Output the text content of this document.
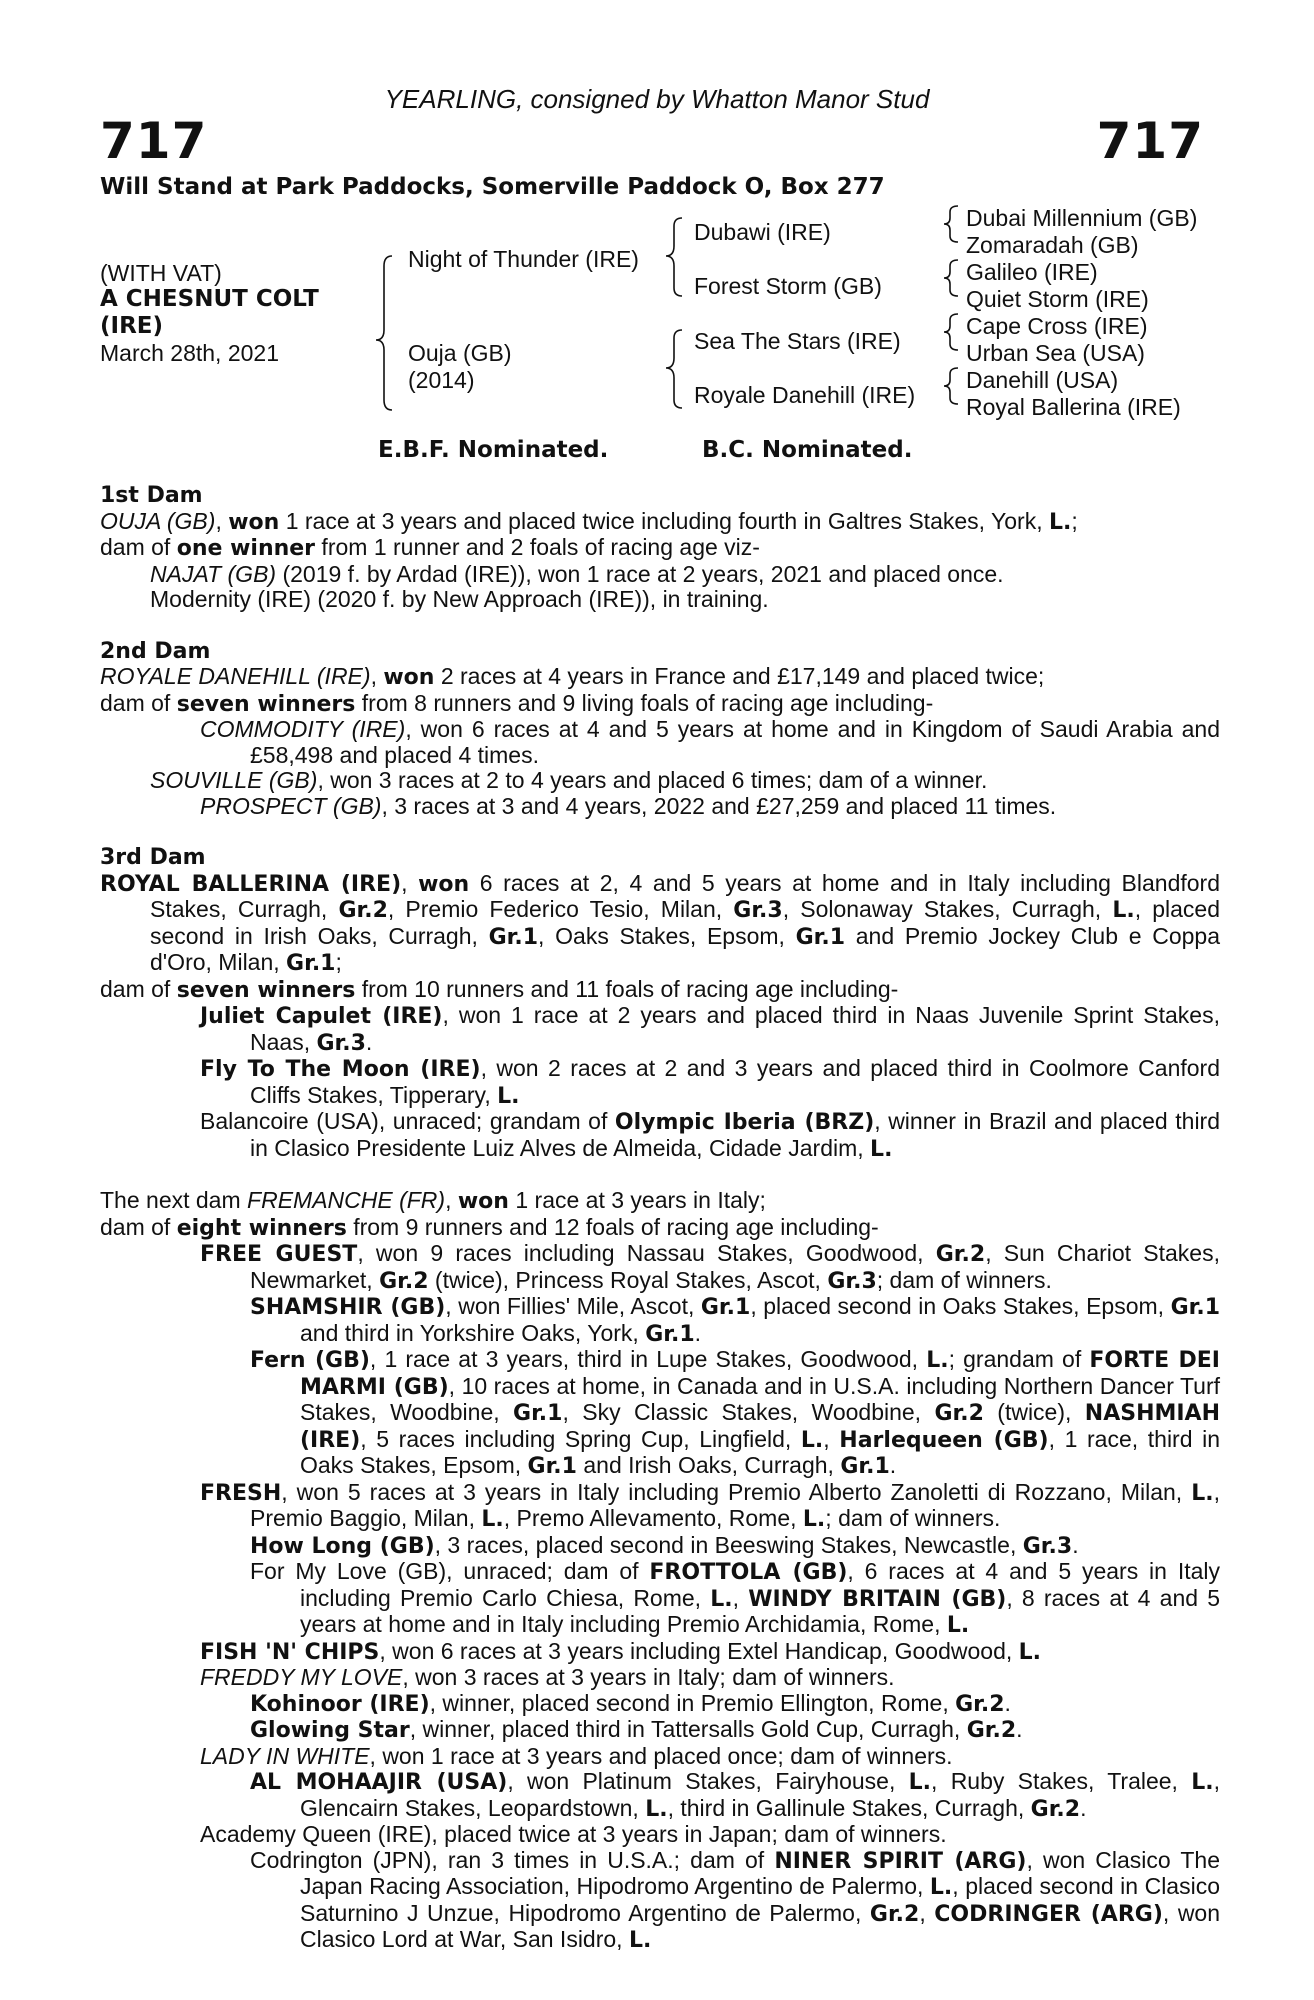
YEARLING, consigned by Whatton Manor Stud
717	717
Will Stand at Park Paddocks, Somerville Paddock O, Box 277
(WITH VAT)
A CHESNUT COLT
(IRE)
March 28th, 2021
Night of Thunder (IRE)
Ouja (GB)
(2014)
Dubawi (IRE)
Forest Storm (GB)
Sea The Stars (IRE)
Royale Danehill (IRE)
Dubai Millennium (GB)
Zomaradah (GB)
Galileo (IRE)
Quiet Storm (IRE)
Cape Cross (IRE)
Urban Sea (USA)
Danehill (USA)
Royal Ballerina (IRE)
E.B.F. Nominated.	B.C. Nominated.

1st Dam

OUJA (GB), won 1 race at 3 years and placed twice including fourth in Galtres Stakes, York, L.;

dam of one winner from 1 runner and 2 foals of racing age viz-

NAJAT (GB) (2019 f. by Ardad (IRE)), won 1 race at 2 years, 2021 and placed once.

Modernity (IRE) (2020 f. by New Approach (IRE)), in training.

2nd Dam

ROYALE DANEHILL (IRE), won 2 races at 4 years in France and £17,149 and placed twice;

dam of seven winners from 8 runners and 9 living foals of racing age including-

COMMODITY (IRE), won 6 races at 4 and 5 years at home and in Kingdom of Saudi Arabia and £58,498 and placed 4 times.

SOUVILLE (GB), won 3 races at 2 to 4 years and placed 6 times; dam of a winner.

PROSPECT (GB), 3 races at 3 and 4 years, 2022 and £27,259 and placed 11 times.

3rd Dam

ROYAL BALLERINA (IRE), won 6 races at 2, 4 and 5 years at home and in Italy including Blandford Stakes, Curragh, Gr.2, Premio Federico Tesio, Milan, Gr.3, Solonaway Stakes, Curragh, L., placed second in Irish Oaks, Curragh, Gr.1, Oaks Stakes, Epsom, Gr.1 and Premio Jockey Club e Coppa d'Oro, Milan, Gr.1;

dam of seven winners from 10 runners and 11 foals of racing age including-

Juliet Capulet (IRE), won 1 race at 2 years and placed third in Naas Juvenile Sprint Stakes, Naas, Gr.3.

Fly To The Moon (IRE), won 2 races at 2 and 3 years and placed third in Coolmore Canford Cliffs Stakes, Tipperary, L.

Balancoire (USA), unraced; grandam of Olympic Iberia (BRZ), winner in Brazil and placed third in Clasico Presidente Luiz Alves de Almeida, Cidade Jardim, L.

The next dam FREMANCHE (FR), won 1 race at 3 years in Italy;

dam of eight winners from 9 runners and 12 foals of racing age including-

FREE GUEST, won 9 races including Nassau Stakes, Goodwood, Gr.2, Sun Chariot Stakes, Newmarket, Gr.2 (twice), Princess Royal Stakes, Ascot, Gr.3; dam of winners.

SHAMSHIR (GB), won Fillies' Mile, Ascot, Gr.1, placed second in Oaks Stakes, Epsom, Gr.1 and third in Yorkshire Oaks, York, Gr.1.

Fern (GB), 1 race at 3 years, third in Lupe Stakes, Goodwood, L.; grandam of FORTE DEI MARMI (GB), 10 races at home, in Canada and in U.S.A. including Northern Dancer Turf Stakes, Woodbine, Gr.1, Sky Classic Stakes, Woodbine, Gr.2 (twice), NASHMIAH (IRE), 5 races including Spring Cup, Lingfield, L., Harlequeen (GB), 1 race, third in Oaks Stakes, Epsom, Gr.1 and Irish Oaks, Curragh, Gr.1.

FRESH, won 5 races at 3 years in Italy including Premio Alberto Zanoletti di Rozzano, Milan, L., Premio Baggio, Milan, L., Premo Allevamento, Rome, L.; dam of winners.

How Long (GB), 3 races, placed second in Beeswing Stakes, Newcastle, Gr.3.

For My Love (GB), unraced; dam of FROTTOLA (GB), 6 races at 4 and 5 years in Italy including Premio Carlo Chiesa, Rome, L., WINDY BRITAIN (GB), 8 races at 4 and 5 years at home and in Italy including Premio Archidamia, Rome, L.

FISH 'N' CHIPS, won 6 races at 3 years including Extel Handicap, Goodwood, L.

FREDDY MY LOVE, won 3 races at 3 years in Italy; dam of winners.

Kohinoor (IRE), winner, placed second in Premio Ellington, Rome, Gr.2.

Glowing Star, winner, placed third in Tattersalls Gold Cup, Curragh, Gr.2.

LADY IN WHITE, won 1 race at 3 years and placed once; dam of winners.

AL MOHAAJIR (USA), won Platinum Stakes, Fairyhouse, L., Ruby Stakes, Tralee, L., Glencairn Stakes, Leopardstown, L., third in Gallinule Stakes, Curragh, Gr.2.

Academy Queen (IRE), placed twice at 3 years in Japan; dam of winners.

Codrington (JPN), ran 3 times in U.S.A.; dam of NINER SPIRIT (ARG), won Clasico The Japan Racing Association, Hipodromo Argentino de Palermo, L., placed second in Clasico Saturnino J Unzue, Hipodromo Argentino de Palermo, Gr.2, CODRINGER (ARG), won Clasico Lord at War, San Isidro, L.
